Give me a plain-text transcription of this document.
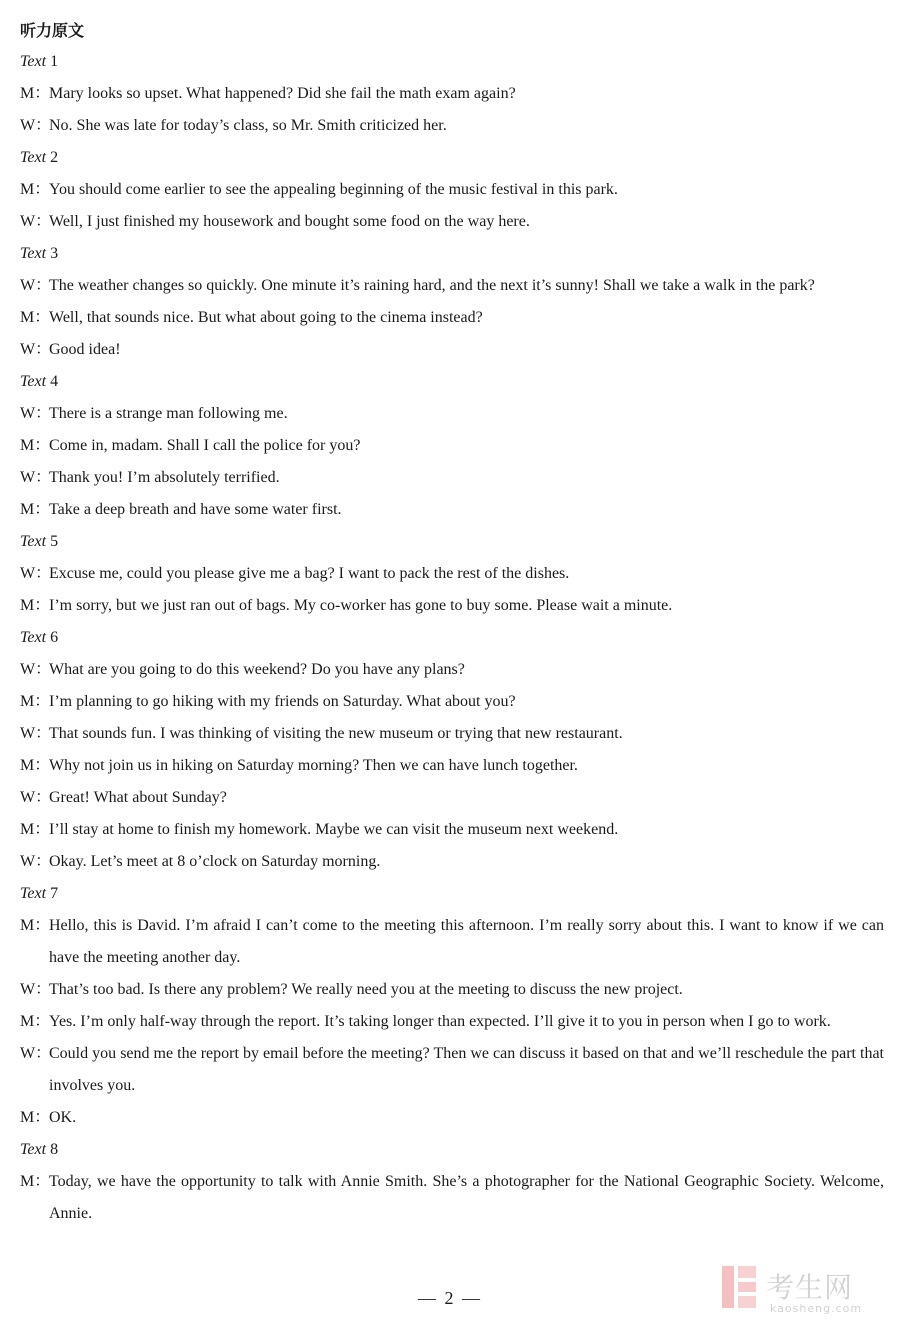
听力原文
Text 1
M：
Mary looks so upset. What happened? Did she fail the math exam again?
W：
No. She was late for today’s class, so Mr. Smith criticized her.
Text 2
M：
You should come earlier to see the appealing beginning of the music festival in this park.
W：
Well, I just finished my housework and bought some food on the way here.
Text 3
W：
The weather changes so quickly. One minute it’s raining hard, and the next it’s sunny! Shall we take a walk in the park?
M：
Well, that sounds nice. But what about going to the cinema instead?
W：
Good idea!
Text 4
W：
There is a strange man following me.
M：
Come in, madam. Shall I call the police for you?
W：
Thank you! I’m absolutely terrified.
M：
Take a deep breath and have some water first.
Text 5
W：
Excuse me, could you please give me a bag? I want to pack the rest of the dishes.
M：
I’m sorry, but we just ran out of bags. My co-worker has gone to buy some. Please wait a minute.
Text 6
W：
What are you going to do this weekend? Do you have any plans?
M：
I’m planning to go hiking with my friends on Saturday. What about you?
W：
That sounds fun. I was thinking of visiting the new museum or trying that new restaurant.
M：
Why not join us in hiking on Saturday morning? Then we can have lunch together.
W：
Great! What about Sunday?
M：
I’ll stay at home to finish my homework. Maybe we can visit the museum next weekend.
W：
Okay. Let’s meet at 8 o’clock on Saturday morning.
Text 7
M：
Hello, this is David. I’m afraid I can’t come to the meeting this afternoon. I’m really sorry about this. I want to know if we can have the meeting another day.
W：
That’s too bad. Is there any problem? We really need you at the meeting to discuss the new project.
M：
Yes. I’m only half-way through the report. It’s taking longer than expected. I’ll give it to you in person when I go to work.
W：
Could you send me the report by email before the meeting? Then we can discuss it based on that and we’ll reschedule the part that involves you.
M：
OK.
Text 8
M：
Today, we have the opportunity to talk with Annie Smith. She’s a photographer for the National Geographic Society. Welcome, Annie.
— 2 —	考生网
kaosheng.com
